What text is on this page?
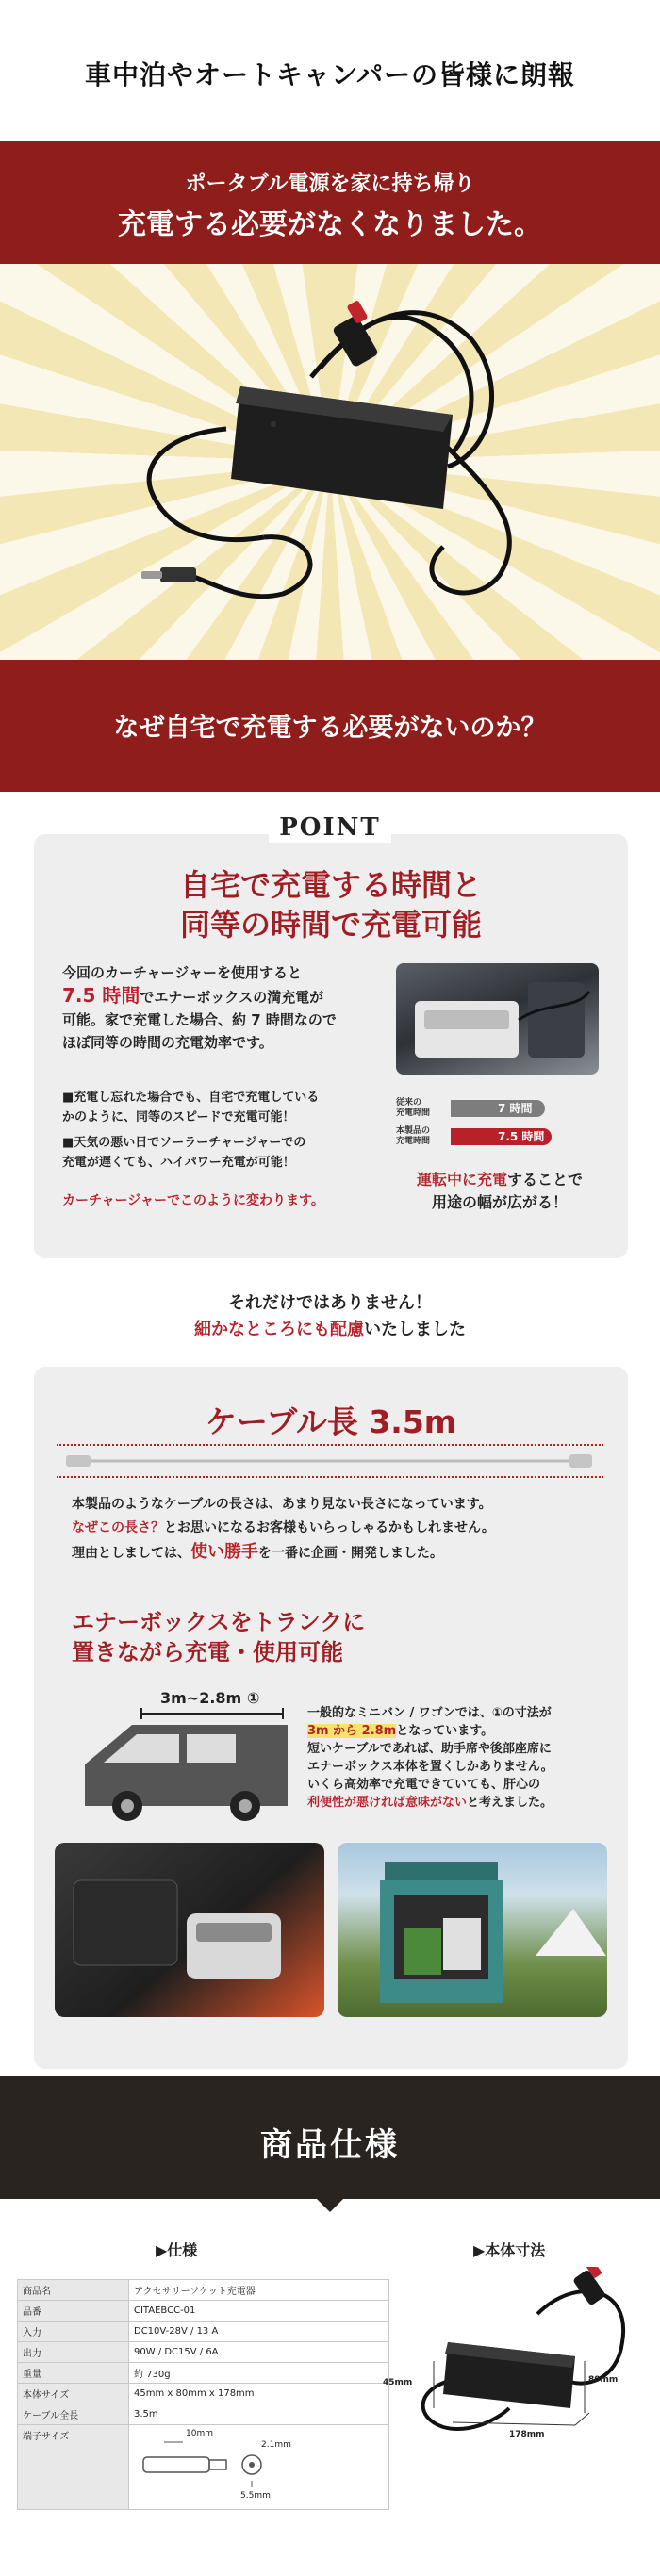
車中泊やオートキャンパーの皆様に朗報
ポータブル電源を家に持ち帰り
充電する必要がなくなりました。
なぜ自宅で充電する必要がないのか？
POINT
自宅で充電する時間と
同等の時間で充電可能
今回のカーチャージャーを使用すると
7.5 時間でエナーボックスの満充電が
可能。家で充電した場合、約 7 時間なので
ほぼ同等の時間の充電効率です。
■充電し忘れた場合でも、自宅で充電している
かのように、同等のスピードで充電可能！
■天気の悪い日でソーラーチャージャーでの
充電が遅くても、ハイパワー充電が可能！
カーチャージャーでこのように変わります。
従来の
充電時間	7 時間
本製品の
充電時間	7.5 時間
運転中に充電することで
用途の幅が広がる！
それだけではありません！
細かなところにも配慮いたしました
ケーブル長 3.5m
本製品のようなケーブルの長さは、あまり見ない長さになっています。
なぜこの長さ？とお思いになるお客様もいらっしゃるかもしれません。
理由としましては、使い勝手を一番に企画・開発しました。
エナーボックスをトランクに
置きながら充電・使用可能
3m~2.8m ①
一般的なミニバン / ワゴンでは、①の寸法が
3m から 2.8mとなっています。
短いケーブルであれば、助手席や後部座席に
エナーボックス本体を置くしかありません。
いくら高効率で充電できていても、肝心の
利便性が悪ければ意味がないと考えました。
商品仕様
▶仕様	▶本体寸法
商品名	アクセサリーソケット充電器
品番	CITAEBCC-01
入力	DC10V-28V / 13 A
出力	90W / DC15V / 6A
重量	約 730g
本体サイズ	45mm x 80mm x 178mm
ケーブル全長	3.5m
端子サイズ	10mm
2.1mm
5.5mm
45mm	80mm
178mm
